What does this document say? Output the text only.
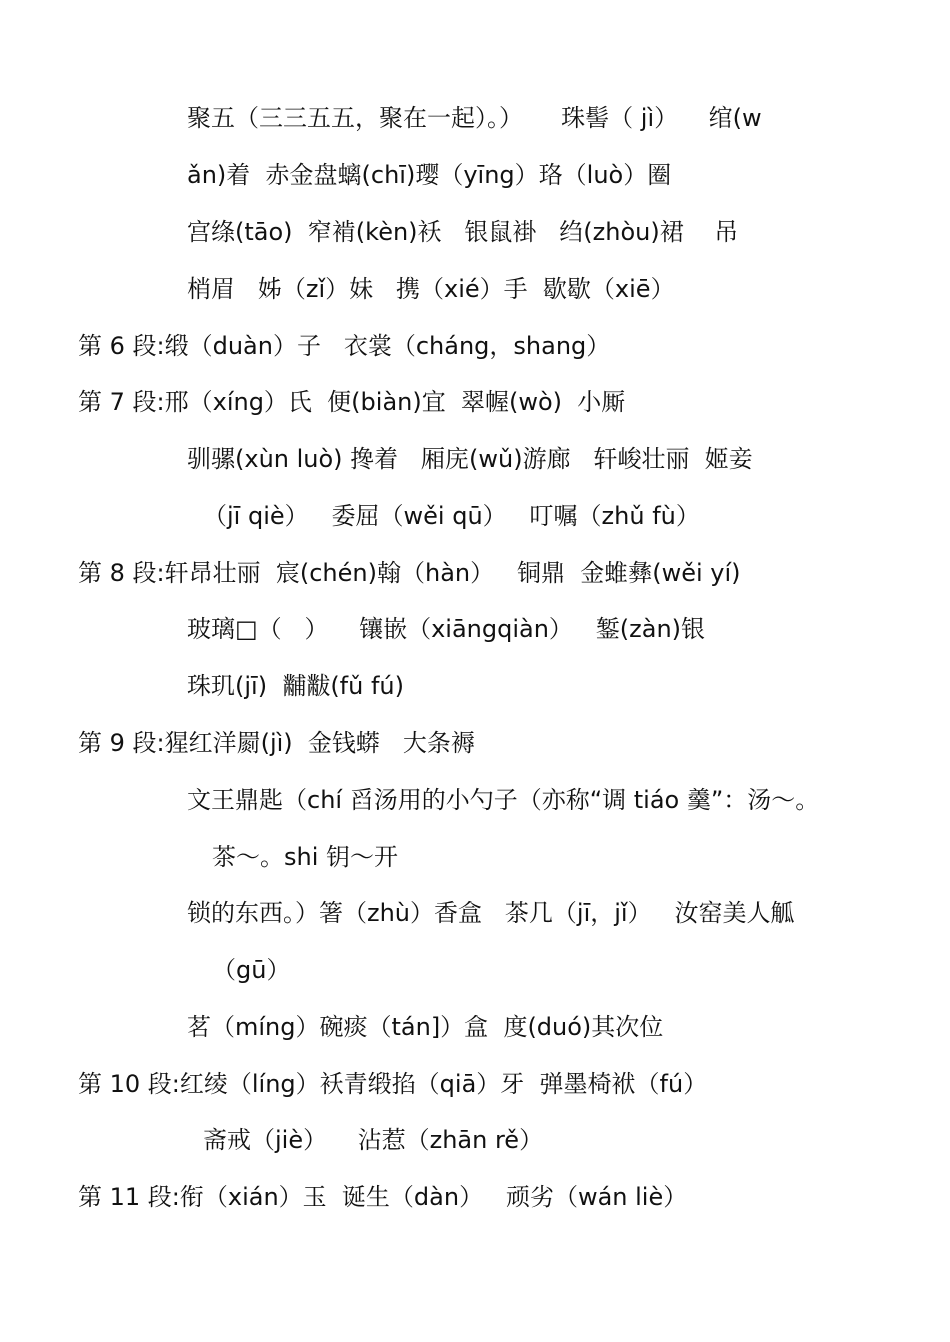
聚五（三三五五，聚在一起）。）     珠髻（ jì）    绾(w
ǎn)着  赤金盘螭(chī)璎（yīng）珞（luò）圈
宫绦(tāo)  窄褃(kèn)袄   银鼠褂   绉(zhòu)裙    吊
梢眉   姊（zǐ）妹   携（xié）手  歇歇（xiē）
第 6 段:缎（duàn）子   衣裳（cháng，shang）
第 7 段:邢（xíng）氏  便(biàn)宜  翠幄(wò)  小厮
驯骡(xùn luò) 搀着   厢庑(wǔ)游廊   轩峻壮丽  姬妾
（jī qiè）   委屈（wěi qū）   叮嘱（zhǔ fù）
第 8 段:轩昂壮丽  宸(chén)翰（hàn）   铜鼎  金蜼彝(wěi yí)
玻璃□（   ）    镶嵌（xiāngqiàn）   錾(zàn)银
珠玑(jī)  黼黻(fǔ fú)
第 9 段:猩红洋罽(jì)  金钱蟒   大条褥
文王鼎匙（chí 舀汤用的小勺子（亦称“调 tiáo 羹”：汤～。
茶～。shi 钥～开
锁的东西。）箸（zhù）香盒   茶几（jī，jǐ）   汝窑美人觚
（gū）
茗（míng）碗痰（tán]）盒  度(duó)其次位
第 10 段:红绫（líng）袄青缎掐（qiā）牙  弹墨椅袱（fú）
斋戒（jiè）    沾惹（zhān rě）
第 11 段:衔（xián）玉  诞生（dàn）   顽劣（wán liè）
